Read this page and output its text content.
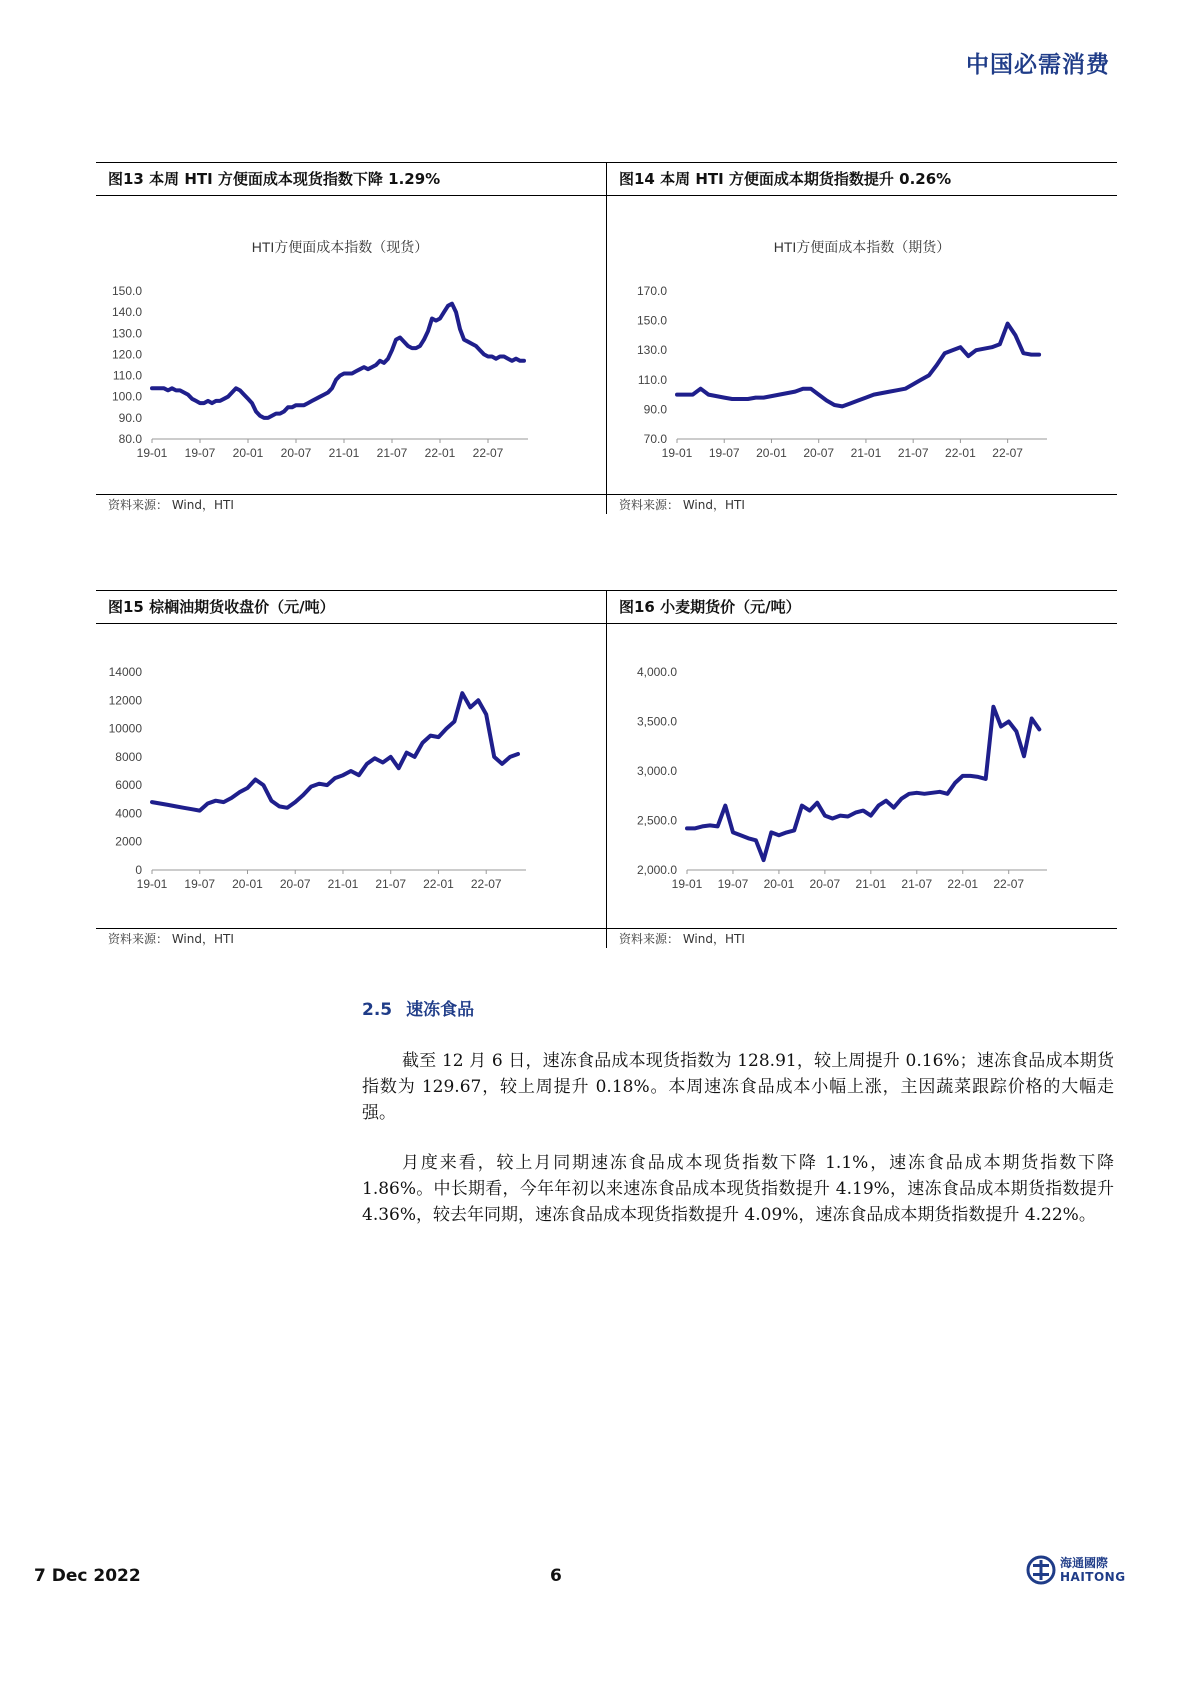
中国必需消费
图13 本周 HTI 方便面成本现货指数下降 1.29%
HTI方便面成本指数（现货）
80.0
90.0
100.0
110.0
120.0
130.0
140.0
150.0
19-01 19-07 20-01 20-07 21-01 21-07 22-01 22-07
资料来源： Wind，HTI
图14 本周 HTI 方便面成本期货指数提升 0.26%
HTI方便面成本指数（期货）
70.0
90.0
110.0
130.0
150.0
170.0
19-01 19-07 20-01 20-07 21-01 21-07 22-01 22-07
资料来源： Wind，HTI
图15 棕榈油期货收盘价（元/吨）
0
2000
4000
6000
8000
10000
12000
14000
19-01 19-07 20-01 20-07 21-01 21-07 22-01 22-07
资料来源： Wind，HTI
图16 小麦期货价（元/吨）
2,000.0
2,500.0
3,000.0
3,500.0
4,000.0
19-01 19-07 20-01 20-07 21-01 21-07 22-01 22-07
资料来源： Wind，HTI
2.5 速冻食品

截至 12 月 6 日，速冻食品成本现货指数为 128.91，较上周提升 0.16%；速冻食品成本期货指数为 129.67，较上周提升 0.18%。本周速冻食品成本小幅上涨，主因蔬菜跟踪价格的大幅走强。

月度来看，较上月同期速冻食品成本现货指数下降 1.1%，速冻食品成本期货指数下降 1.86%。中长期看，今年年初以来速冻食品成本现货指数提升 4.19%，速冻食品成本期货指数提升 4.36%，较去年同期，速冻食品成本现货指数提升 4.09%，速冻食品成本期货指数提升 4.22%。

7 Dec 2022	6
海通國際
HAITONG
